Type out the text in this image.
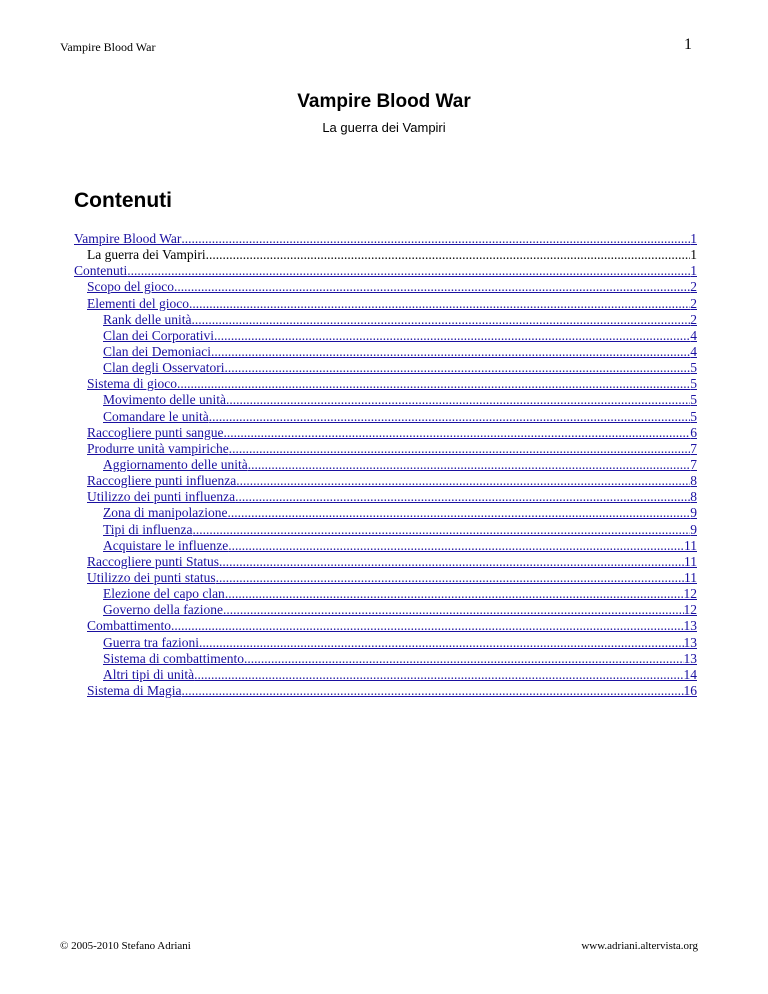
Vampire Blood War	1
Vampire Blood War
La guerra dei Vampiri
Contenuti
Vampire Blood War .....	1
La guerra dei Vampiri .....	1
Contenuti .....	1
Scopo del gioco .....	2
Elementi del gioco .....	2
Rank delle unità .....	2
Clan dei Corporativi .....	4
Clan dei Demoniaci .....	4
Clan degli Osservatori .....	5
Sistema di gioco .....	5
Movimento delle unità .....	5
Comandare le unità .....	5
Raccogliere punti sangue .....	6
Produrre unità vampiriche .....	7
Aggiornamento delle unità .....	7
Raccogliere punti influenza .....	8
Utilizzo dei punti influenza .....	8
Zona di manipolazione .....	9
Tipi di influenza .....	9
Acquistare le influenze .....	11
Raccogliere punti Status .....	11
Utilizzo dei punti status .....	11
Elezione del capo clan .....	12
Governo della fazione .....	12
Combattimento .....	13
Guerra tra fazioni .....	13
Sistema di combattimento .....	13
Altri tipi di unità .....	14
Sistema di Magia .....	16
© 2005-2010 Stefano Adriani	www.adriani.altervista.org
